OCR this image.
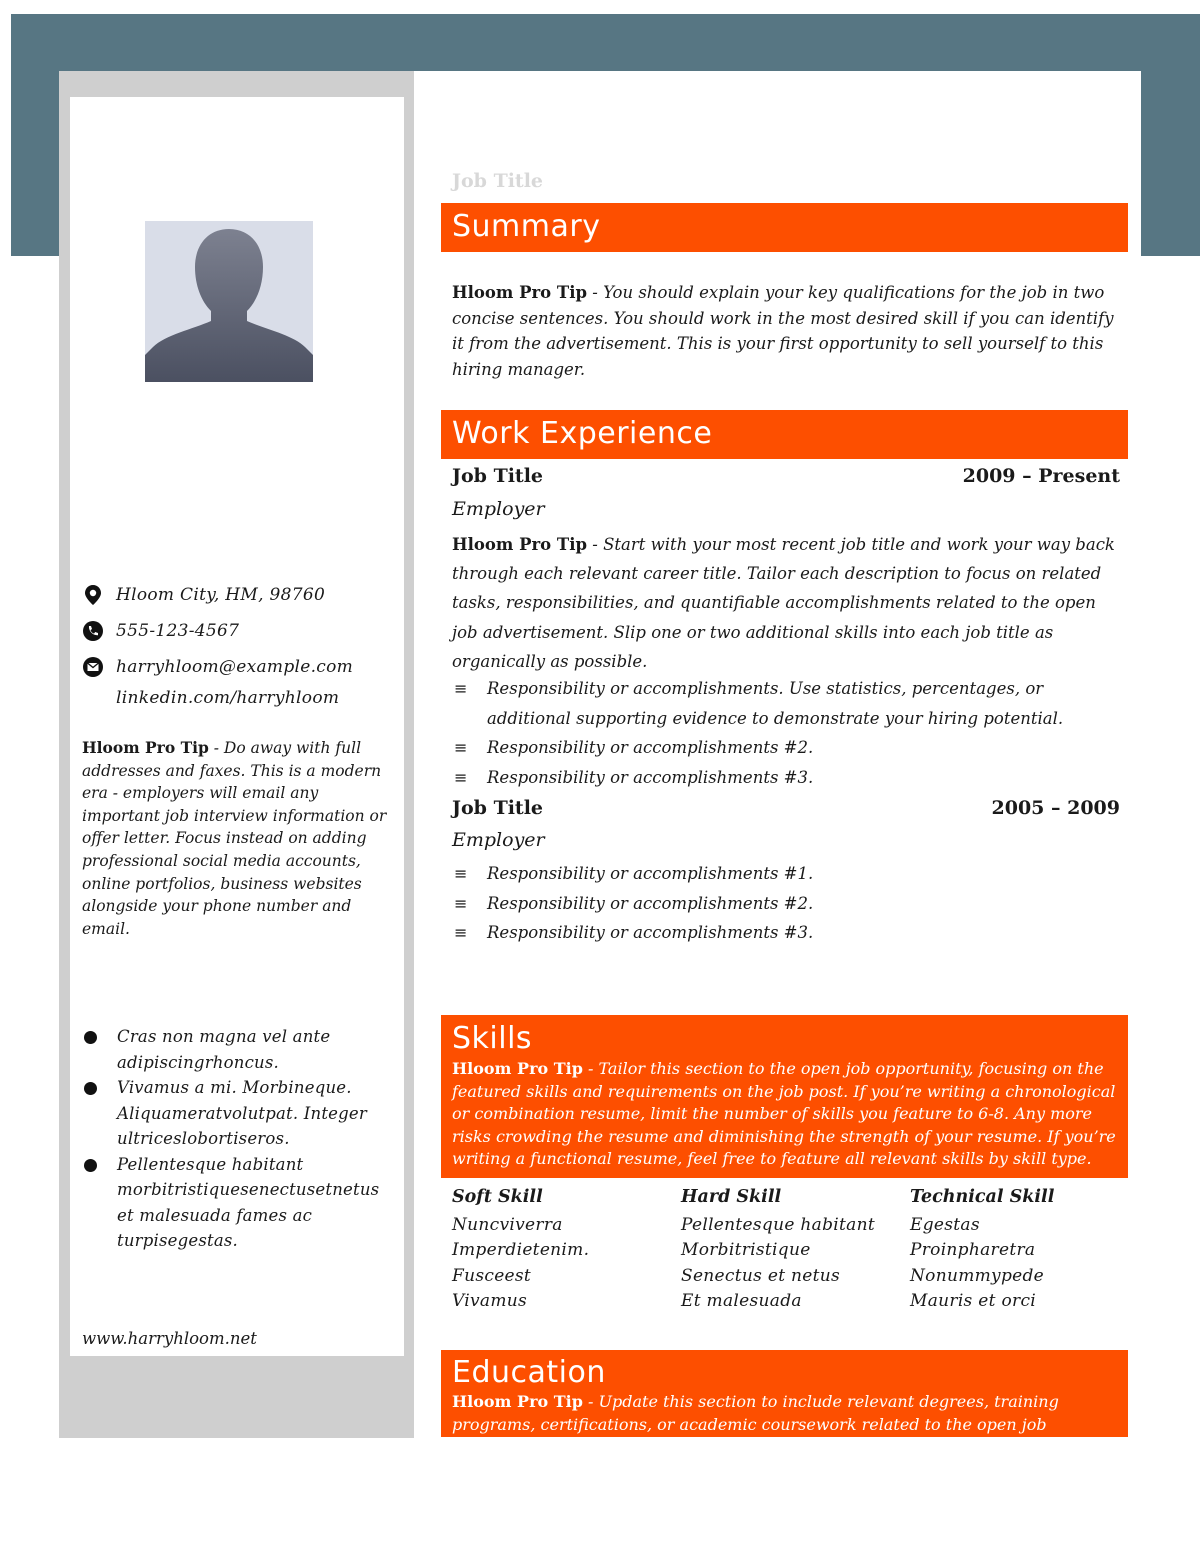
Hloom City, HM, 98760
555-123-4567
harryhloom@example.com
linkedin.com/harryhloom
Hloom Pro Tip - Do away with full addresses and faxes. This is a modern era - employers will email any important job interview information or offer letter. Focus instead on adding professional social media accounts, online portfolios, business websites alongside your phone number and email.
Cras non magna vel ante adipiscingrhoncus.
Vivamus a mi. Morbineque. Aliquameratvolutpat. Integer ultriceslobortiseros.
Pellentesque habitant morbitristiquesenectusetnetus et malesuada fames ac turpisegestas.
www.harryhloom.net
Job Title
Summary
Hloom Pro Tip - You should explain your key qualifications for the job in two concise sentences. You should work in the most desired skill if you can identify it from the advertisement. This is your first opportunity to sell yourself to this hiring manager.
Work Experience
Job Title	2009 – Present
Employer
Hloom Pro Tip - Start with your most recent job title and work your way back through each relevant career title. Tailor each description to focus on related tasks, responsibilities, and quantifiable accomplishments related to the open job advertisement. Slip one or two additional skills into each job title as organically as possible.
≡ Responsibility or accomplishments. Use statistics, percentages, or additional supporting evidence to demonstrate your hiring potential.
≡ Responsibility or accomplishments #2.
≡ Responsibility or accomplishments #3.
Job Title	2005 – 2009
Employer
≡ Responsibility or accomplishments #1.
≡ Responsibility or accomplishments #2.
≡ Responsibility or accomplishments #3.
Skills
Hloom Pro Tip - Tailor this section to the open job opportunity, focusing on the featured skills and requirements on the job post. If you’re writing a chronological or combination resume, limit the number of skills you feature to 6-8. Any more risks crowding the resume and diminishing the strength of your resume. If you’re writing a functional resume, feel free to feature all relevant skills by skill type.
Soft Skill
Nuncviverra
Imperdietenim.
Fusceest
Vivamus
Hard Skill
Pellentesque habitant
Morbitristique
Senectus et netus
Et malesuada
Technical Skill
Egestas
Proinpharetra
Nonummypede
Mauris et orci
Education
Hloom Pro Tip - Update this section to include relevant degrees, training programs, certifications, or academic coursework related to the open job
